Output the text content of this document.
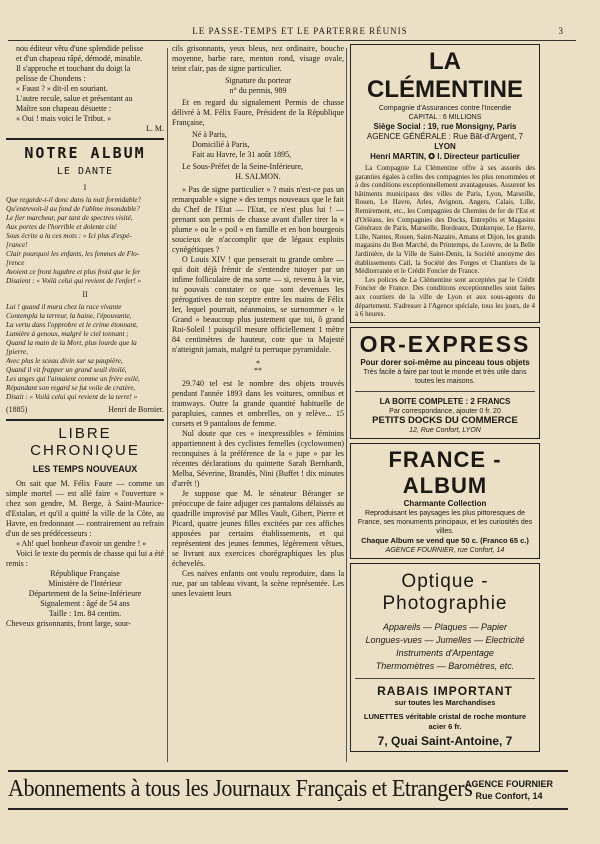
LE PASSE-TEMPS ET LE PARTERRE RÉUNIS	3

nou éditeur vêtu d'une splendide pelisse

et d'un chapeau râpé, démodé, minable.

Il s'approche et touchant du doigt la

pelisse de Chondens :

« Faust ? » dit-il en souriant.

L'autre recule, salue et présentant au

Maître son chapeau désuette :

« Oui ! mais voici le Tribut. »

L. M.
NOTRE ALBUM
LE DANTE
I

Que regarde-t-il donc dans la nuit formidable?

Qu'entrevoit-il au fond de l'abîme insondable?

Le fier marcheur, par tant de spectres visité,

Aux portes de l'horrible et dolente cité

Sous écrite a lu ces mots : « Ici plus d'espé-

[rance!

Clair pourquoi les enfants, les femmes de Flo-

[rence

Avoient ce front lugubre et plus froid que le fer

Disaient : « Voilà celui qui revient de l'enfer! »

II

Lui ! quand il mura chez la race vivante

Contempla la terreur, la haine, l'épouvante,

La vertu dans l'opprobre et le crime étonnant,

Lumière à genoux, malgré le ciel tonnant ;

Quand la main de la Mort, plus lourde que la

[pierre,

Avec plus le sceau divin sur sa paupière,

Quand il vit frapper un grand seuil étoilé,

Les anges qui l'aimaient comme un frère exilé,

Répandant son regard se fut voile de cratère,

Disait : « Voilà celui qui revient de la terre! »

(1885)	Henri de Bornier.

LIBRE CHRONIQUE
LES TEMPS NOUVEAUX

On sait que M. Félix Faure — comme un simple mortel — est allé faire « l'ouverture » chez son gendre, M. Berge, à Saint-Maurice-d'Estalan, et qu'il a quitté la ville de la Côte, au Havre, en fredonnant — contrairement au refrain d'un de ses prédécesseurs :

« Ah! quel bonheur d'avoir un gendre ! »

Voici le texte du permis de chasse qui lui a été remis :

République Française

Ministère de l'Intérieur

Département de la Seine-Inférieure

Signalement : âgé de 54 ans

Taille : 1m. 84 centim.

Cheveux grisonnants, front large, sour-

cils grisonnants, yeux bleus, nez ordinaire, bouche moyenne, barbe rare, menton rond, visage ovale, teint clair, pas de signe particulier.

Signature du porteur

n° du permis, 989

Et en regard du signalement Permis de chasse délivré à M. Félix Faure, Président de la République Française,

Né à Paris,

Domicilié à Paris,

Fait au Havre, le 31 août 1895,

Le Sous-Préfet de la Seine-Inférieure,

H. SALMON.

« Pas de signe particulier » ? mais n'est-ce pas un remarquable « signe » des temps nouveaux que le fait du Chef de l'Etat — l'Etat, ce n'est plus lui ! — prenant son permis de chasse avant d'aller tirer la « plume » ou le « poil » en famille et en bon bourgeois soucieux de n'accomplir que de légaux exploits cynégétiques ?

O Louis XIV ! que penserait tu grande ombre — qui doit déjà frémir de s'entendre tutoyer par un infime folliculaire de ma sorte — si, revenu à la vie, tu pouvais constater ce que sont devenues les prérogatives de ton sceptre entre les mains de Félix Ier, lequel pourrait, néanmoins, se surnommer « le Grand » beaucoup plus justement que toi, ô grand Roi-Soleil ! puisqu'il mesure officiellement 1 mètre 84 centimètres de hauteur, cote que ta Majesté n'atteignit jamais, malgré ta perruque pyramidale.

*
**

29.740 tel est le nombre des objets trouvés pendant l'année 1893 dans les voitures, omnibus et tramways. Outre la grande quantité habituelle de parapluies, cannes et ombrelles, on y relève... 15 corsets et 9 pantalons de femme.

Nul doute que ces « inexpressibles » féminins appartiennent à des cyclistes femelles (cyclowomen) reconquises à la préférence de la « jupe » par les récentes déclarations du quintette Sarah Bernhardt, Melba, Séverine, Brandès, Nini (Buffet ! dix minutes d'arrêt !)

Je suppose que M. le sénateur Béranger se préoccupe de faire adjuger ces pantalons délaissés au quadrille improvisé par Mlles Vault, Gibert, Pierre et Picard, quatre jeunes filles excitées par ces affiches apposées par certains établissements, et qui représentent des jeunes femmes, légèrement vêtues, se livrant aux exercices chorégraphiques les plus échevelés.

Ces naïves enfants ont voulu reproduire, dans la rue, par un tableau vivant, la scène représentée. Les unes levaient leurs

LA CLÉMENTINE
Compagnie d'Assurances contre l'Incendie
CAPITAL : 6 MILLIONS
Siège Social : 19, rue Monsigny, Paris
AGENCE GÉNÉRALE : Rue Bât-d'Argent, 7
LYON
Henri MARTIN, ✪ I. Directeur particulier

La Compagnie La Clémentine offre à ses assurés des garanties égales à celles des compagnies les plus renommées et à des conditions exceptionnellement avantageuses. Assurent les bâtiments municipaux des villes de Paris, Lyon, Marseille, Rouen, Le Havre, Arles, Avignon, Angers, Calais, Lille, Remiremont, etc., les Compagnies de Chemins de fer de l'Est et d'Orléans, les Compagnies des Docks, Entrepôts et Magasins Généraux de Paris, Marseille, Bordeaux, Dunkerque, Le Havre, Lille, Nantes, Rouen, Saint-Nazaire, Amans et Dijon, les grands magasins du Bon Marché, du Printemps, du Louvre, de la Belle Jardinière, de la Ville de Saint-Denis, la Société anonyme des établissements Cail, la Société des Forges et Chantiers de la Méditerranée et le Crédit Foncier de France.

Les polices de La Clémentine sont acceptées par le Crédit Foncier de France. Des conditions exceptionnelles sont faites aux courtiers de la ville de Lyon et aux sous-agents du département. S'adresser à l'Agence spéciale, tous les jours, de 4 à 6 heures.

OR-EXPRESS
Pour dorer soi-même au pinceau tous objets
Très facile à faire par tout le monde et très utile dans toutes les maisons.
LA BOITE COMPLETE : 2 FRANCS
Par correspondance, ajouter 0 fr. 20
PETITS DOCKS DU COMMERCE
12, Rue Confort, LYON
FRANCE - ALBUM
Charmante Collection
Reproduisant les paysages les plus pittoresques de France, ses monuments principaux, et les curiosités des villes.
Chaque Album se vend que 50 c. (Franco 65 c.)
AGENCE FOURNIER, rue Confort, 14
Optique - Photographie

Appareils — Plaques — Papier

Longues-vues — Jumelles — Electricité

Instruments d'Arpentage

Thermomètres — Baromètres, etc.

RABAIS IMPORTANT
sur toutes les Marchandises
LUNETTES véritable cristal de roche monture acier 6 fr.
7, Quai Saint-Antoine, 7
Abonnements à tous les Journaux Français et Etrangers
AGENCE FOURNIER
Rue Confort, 14
